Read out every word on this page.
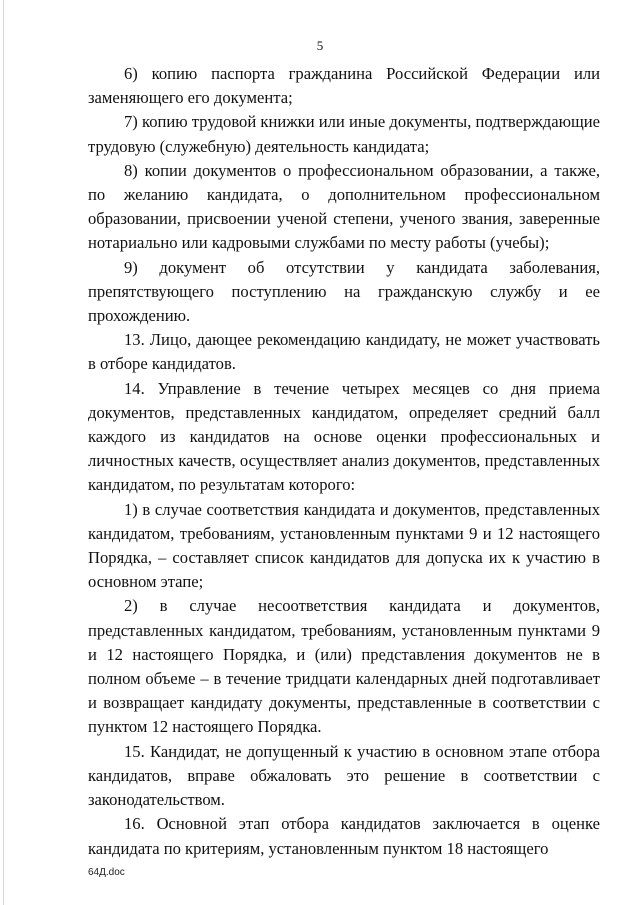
5

6) копию паспорта гражданина Российской Федерации или заменяющего его документа;

7) копию трудовой книжки или иные документы, подтверждающие трудовую (служебную) деятельность кандидата;

8) копии документов о профессиональном образовании, а также, по желанию кандидата, о дополнительном профессиональном образовании, присвоении ученой степени, ученого звания, заверенные нотариально или кадровыми службами по месту работы (учебы);

9) документ об отсутствии у кандидата заболевания, препятствующего поступлению на гражданскую службу и ее прохождению.

13. Лицо, дающее рекомендацию кандидату, не может участвовать в отборе кандидатов.

14. Управление в течение четырех месяцев со дня приема документов, представленных кандидатом, определяет средний балл каждого из кандидатов на основе оценки профессиональных и личностных качеств, осуществляет анализ документов, представленных кандидатом, по результатам которого:

1) в случае соответствия кандидата и документов, представленных кандидатом, требованиям, установленным пунктами 9 и 12 настоящего Порядка, – составляет список кандидатов для допуска их к участию в основном этапе;

2) в случае несоответствия кандидата и документов, представленных кандидатом, требованиям, установленным пунктами 9 и 12 настоящего Порядка, и (или) представления документов не в полном объеме – в течение тридцати календарных дней подготавливает и возвращает кандидату документы, представленные в соответствии с пунктом 12 настоящего Порядка.

15. Кандидат, не допущенный к участию в основном этапе отбора кандидатов, вправе обжаловать это решение в соответствии с законодательством.

16. Основной этап отбора кандидатов заключается в оценке кандидата по критериям, установленным пунктом 18 настоящего

64Д.doc
